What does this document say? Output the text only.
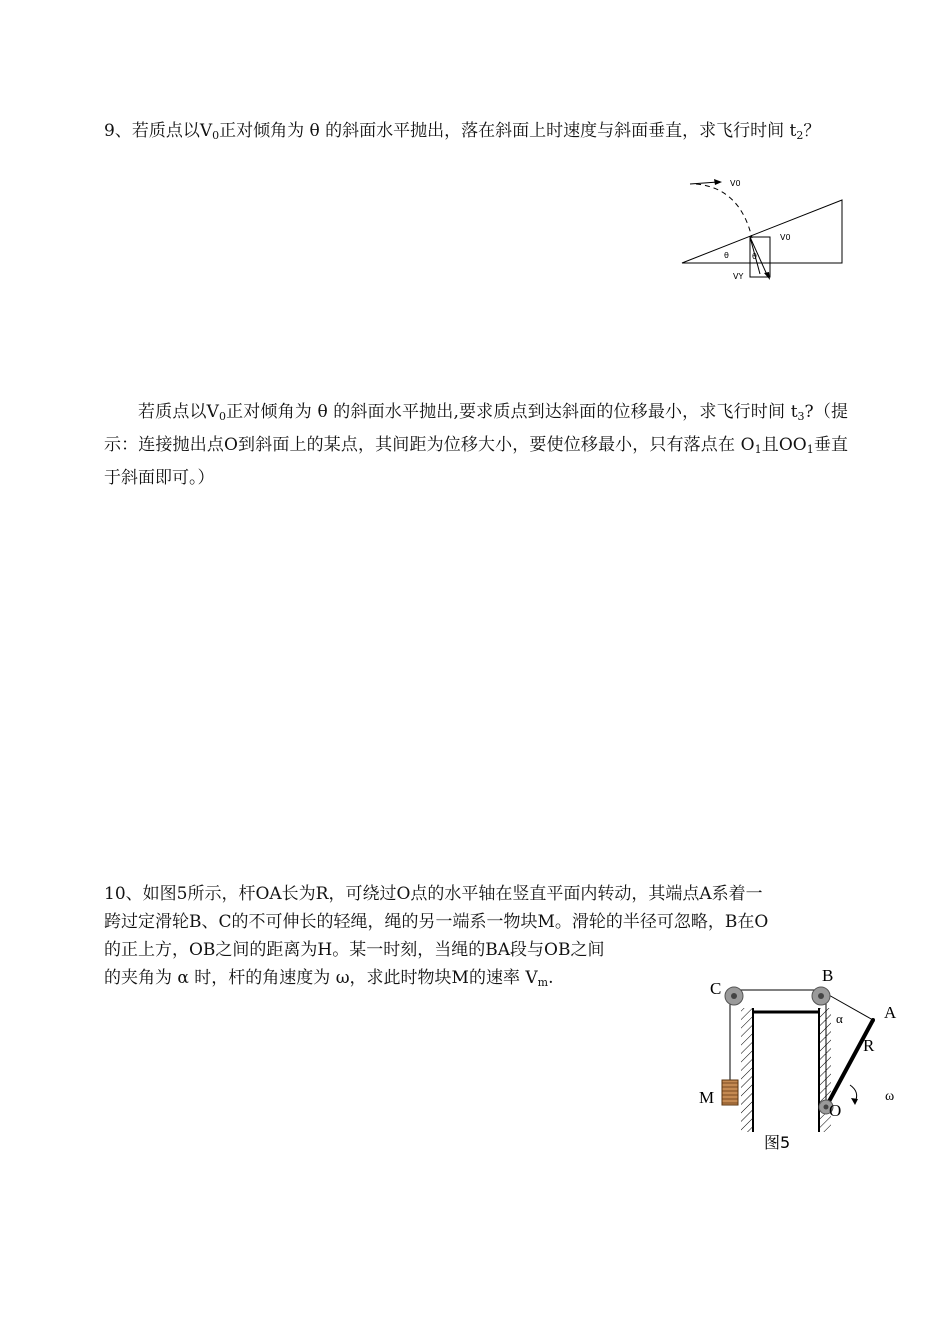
9、若质点以$V_0$正对倾角为 θ 的斜面水平抛出，落在斜面上时速度与斜面垂直，求飞行时间 $t_2$？
V0
V0
θ	θ
VY
若质点以$V_0$正对倾角为 θ 的斜面水平抛出,要求质点到达斜面的位移最小，求飞行时间 $t_3$?（提示：连接抛出点O到斜面上的某点，其间距为位移大小，要使位移最小，只有落点在 $O_1$且$OO_1$垂直于斜面即可。）
10、如图5所示，杆OA长为R，可绕过O点的水平轴在竖直平面内转动，其端点A系着一
跨过定滑轮B、C的不可伸长的轻绳，绳的另一端系一物块M。滑轮的半径可忽略，B在O
的正上方，OB之间的距离为H。某一时刻，当绳的BA段与OB之间
的夹角为 α 时，杆的角速度为 ω，求此时物块M的速率 $V_m$.
C
B
A
α
R
M
O
ω
图5
